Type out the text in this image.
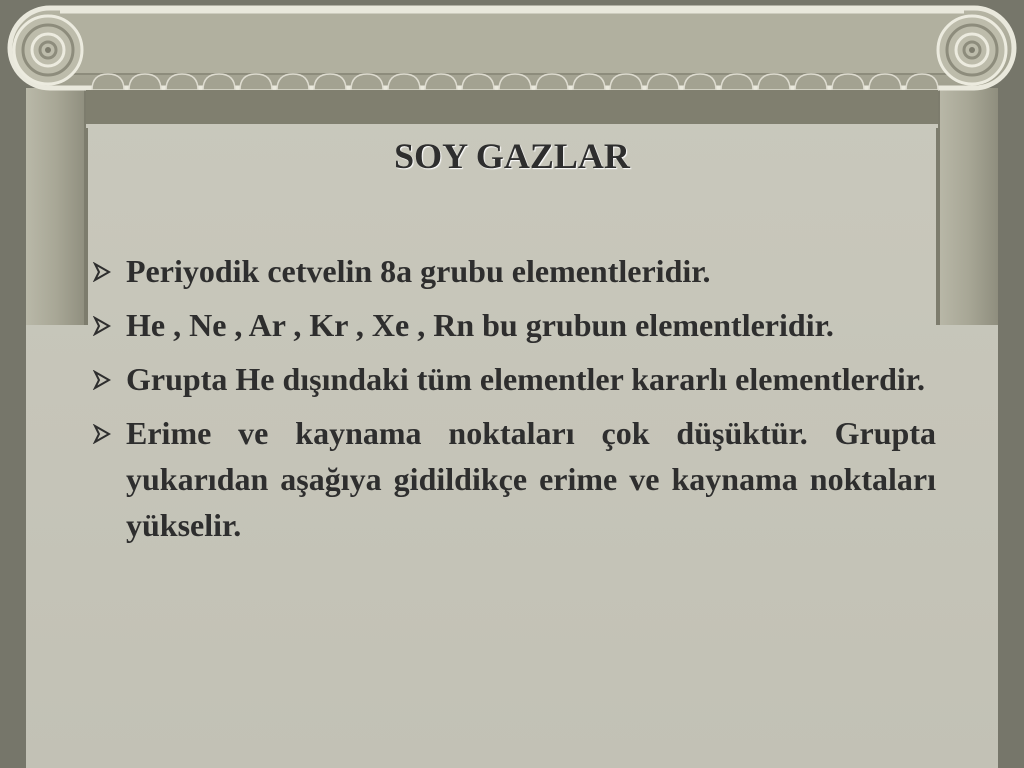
SOY GAZLAR
Periyodik cetvelin 8a grubu elementleridir.
He , Ne , Ar , Kr , Xe , Rn bu grubun elementleridir.
Grupta He dışındaki tüm elementler kararlı elementlerdir.
Erime ve kaynama noktaları çok düşüktür. Grupta yukarıdan aşağıya gidildikçe erime ve kaynama noktaları yükselir.
